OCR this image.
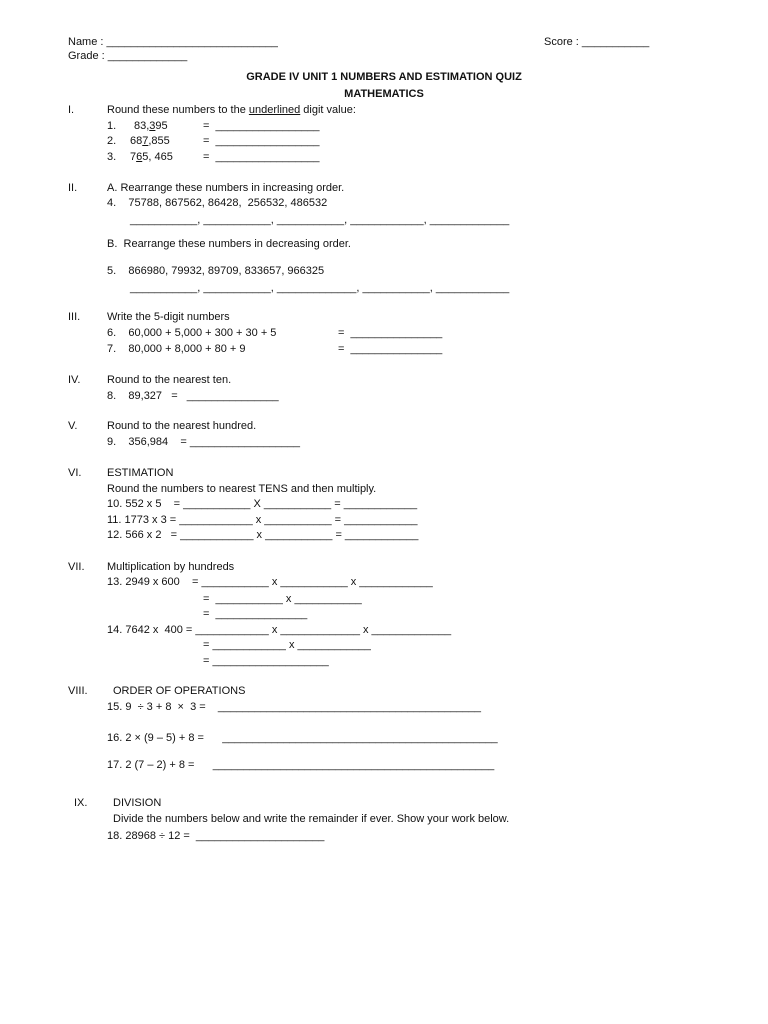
Name : ____________________________
Grade : _____________
Score : ___________
GRADE IV UNIT 1 NUMBERS AND ESTIMATION QUIZ
MATHEMATICS
I.	Round these numbers to the underlined digit value:
1. 83,395	=  _________________
2. 687,855	=  _________________
3. 765, 465	=  _________________
II.	A. Rearrange these numbers in increasing order.
4.    75788, 867562, 86428,  256532, 486532
___________, ___________, ___________, ____________, _____________
B.  Rearrange these numbers in decreasing order.
5.    866980, 79932, 89709, 833657, 966325
___________, ___________, _____________, ___________, ____________
III. Write the 5-digit numbers
6.    60,000 + 5,000 + 300 + 30 + 5	=  _______________
7.    80,000 + 8,000 + 80 + 9	=  _______________
IV. Round to the nearest ten.
8.    89,327   =   _______________
V.	Round to the nearest hundred.
9.    356,984    = __________________
VI. ESTIMATION
Round the numbers to nearest TENS and then multiply.
10. 552 x 5    = ___________ X ___________ = ____________
11. 1773 x 3 = ____________ x ___________ = ____________
12. 566 x 2   = ____________ x ___________ = ____________
VII. Multiplication by hundreds
13. 2949 x 600    = ___________ x ___________ x ____________
=  ___________ x ___________
=  _______________
14. 7642 x  400 = ____________ x _____________ x _____________
= ____________ x ____________
= ___________________
VIII. ORDER OF OPERATIONS
15. 9  ÷ 3 + 8  ×  3 =    ___________________________________________
16. 2 × (9 – 5) + 8 =      _____________________________________________
17. 2 (7 – 2) + 8 =      ______________________________________________
IX. DIVISION
Divide the numbers below and write the remainder if ever. Show your work below.
18. 28968 ÷ 12 =  _____________________
